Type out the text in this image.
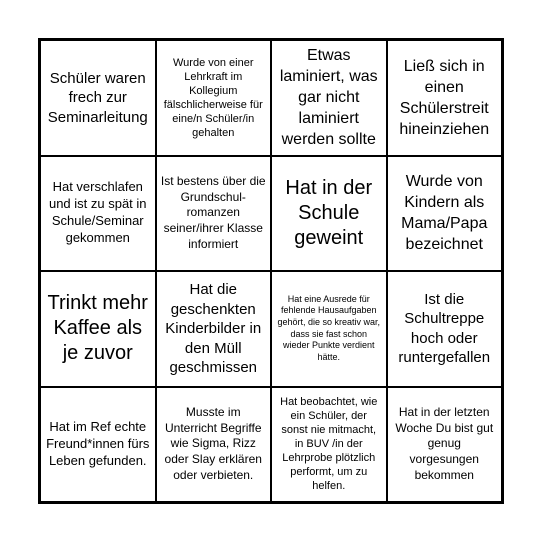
Schüler waren frech zur Seminarleitung
Wurde von einer Lehrkraft im Kollegium fälschlicherweise für eine/n Schüler/in gehalten
Etwas laminiert, was gar nicht laminiert werden sollte
Ließ sich in einen Schülerstreit hineinziehen
Hat verschlafen und ist zu spät in Schule/Seminar gekommen
Ist bestens über die Grundschul-romanzen seiner/ihrer Klasse informiert
Hat in der Schule geweint
Wurde von Kindern als Mama/Papa bezeichnet
Trinkt mehr Kaffee als je zuvor
Hat die geschenkten Kinderbilder in den Müll geschmissen
Hat eine Ausrede für fehlende Hausaufgaben gehört, die so kreativ war, dass sie fast schon wieder Punkte verdient hätte.
Ist die Schultreppe hoch oder runtergefallen
Hat im Ref echte Freund*innen fürs Leben gefunden.
Musste im Unterricht Begriffe wie Sigma, Rizz oder Slay erklären oder verbieten.
Hat beobachtet, wie ein Schüler, der sonst nie mitmacht, in BUV /in der Lehrprobe plötzlich performt, um zu helfen.
Hat in der letzten Woche Du bist gut genug vorgesungen bekommen
